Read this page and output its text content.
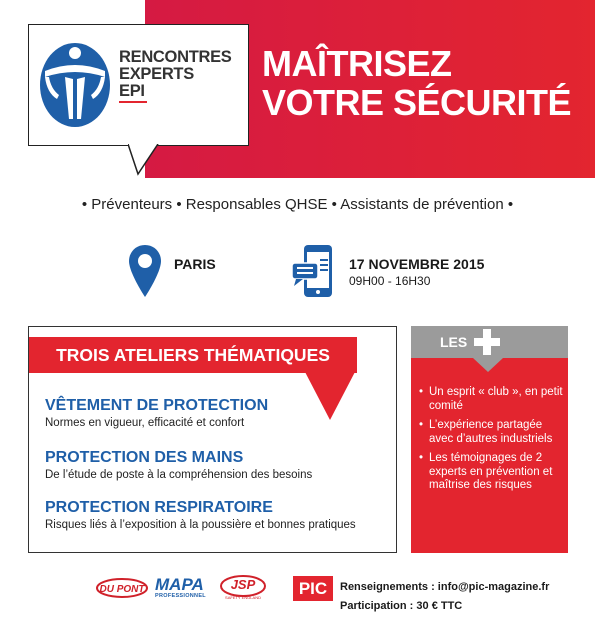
RENCONTRES
EXPERTS
EPI
MAÎTRISEZ
VOTRE SÉCURITÉ
• Préventeurs • Responsables QHSE • Assistants de prévention •
PARIS	17 NOVEMBRE 2015
09H00 - 16H30
TROIS ATELIERS THÉMATIQUES
VÊTEMENT DE PROTECTION
Normes en vigueur, efficacité et confort
PROTECTION DES MAINS
De l’étude de poste à la compréhension des besoins
PROTECTION RESPIRATOIRE
Risques liés à l’exposition à la poussière et bonnes pratiques
LES
• Un esprit « club », en petit comité
• L’expérience partagée avec d’autres industriels
• Les témoignages de 2 experts en prévention et maîtrise des risques
DU PONT MAPA
PROFESSIONNEL
JSP
SAFETY ENGLAND	PIC	Renseignements : info@pic-magazine.fr
Participation : 30 € TTC
